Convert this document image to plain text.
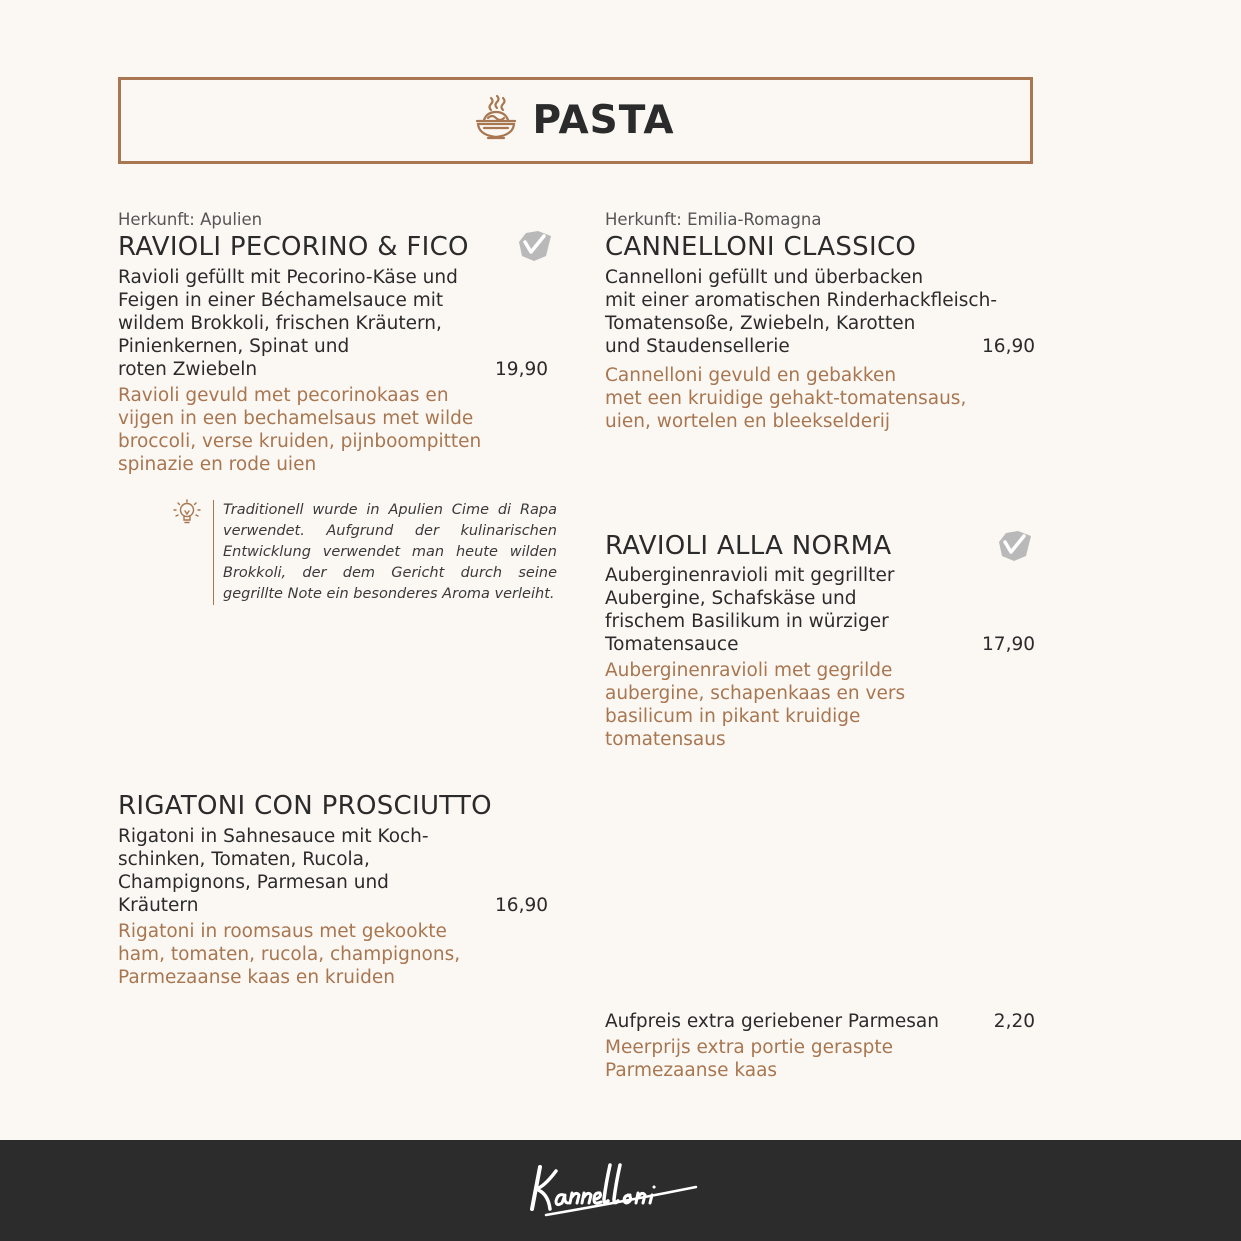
PASTA
Herkunft: Apulien
RAVIOLI PECORINO & FICO
Ravioli gefüllt mit Pecorino-Käse und
Feigen in einer Béchamelsauce mit
wildem Brokkoli, frischen Kräutern,
Pinienkernen, Spinat und
roten Zwiebeln	19,90
Ravioli gevuld met pecorinokaas en
vijgen in een bechamelsaus met wilde
broccoli, verse kruiden, pijnboompitten
spinazie en rode uien
Herkunft: Emilia-Romagna
CANNELLONI CLASSICO
Cannelloni gefüllt und überbacken
mit einer aromatischen Rinderhackfleisch-
Tomatensoße, Zwiebeln, Karotten
und Staudensellerie	16,90
Cannelloni gevuld en gebakken
met een kruidige gehakt-tomatensaus,
uien, wortelen en bleekselderij
Traditionell wurde in Apulien Cime di Rapa verwendet. Aufgrund der kulinarischen Entwicklung verwendet man heute wilden Brokkoli, der dem Gericht durch seine gegrillte Note ein besonderes Aroma verleiht.
RAVIOLI ALLA NORMA
Auberginenravioli mit gegrillter
Aubergine, Schafskäse und
frischem Basilikum in würziger
Tomatensauce	17,90
Auberginenravioli met gegrilde
aubergine, schapenkaas en vers
basilicum in pikant kruidige
tomatensaus
RIGATONI CON PROSCIUTTO
Rigatoni in Sahnesauce mit Koch-
schinken, Tomaten, Rucola,
Champignons, Parmesan und
Kräutern	16,90
Rigatoni in roomsaus met gekookte
ham, tomaten, rucola, champignons,
Parmezaanse kaas en kruiden
Aufpreis extra geriebener Parmesan	2,20
Meerprijs extra portie geraspte
Parmezaanse kaas
